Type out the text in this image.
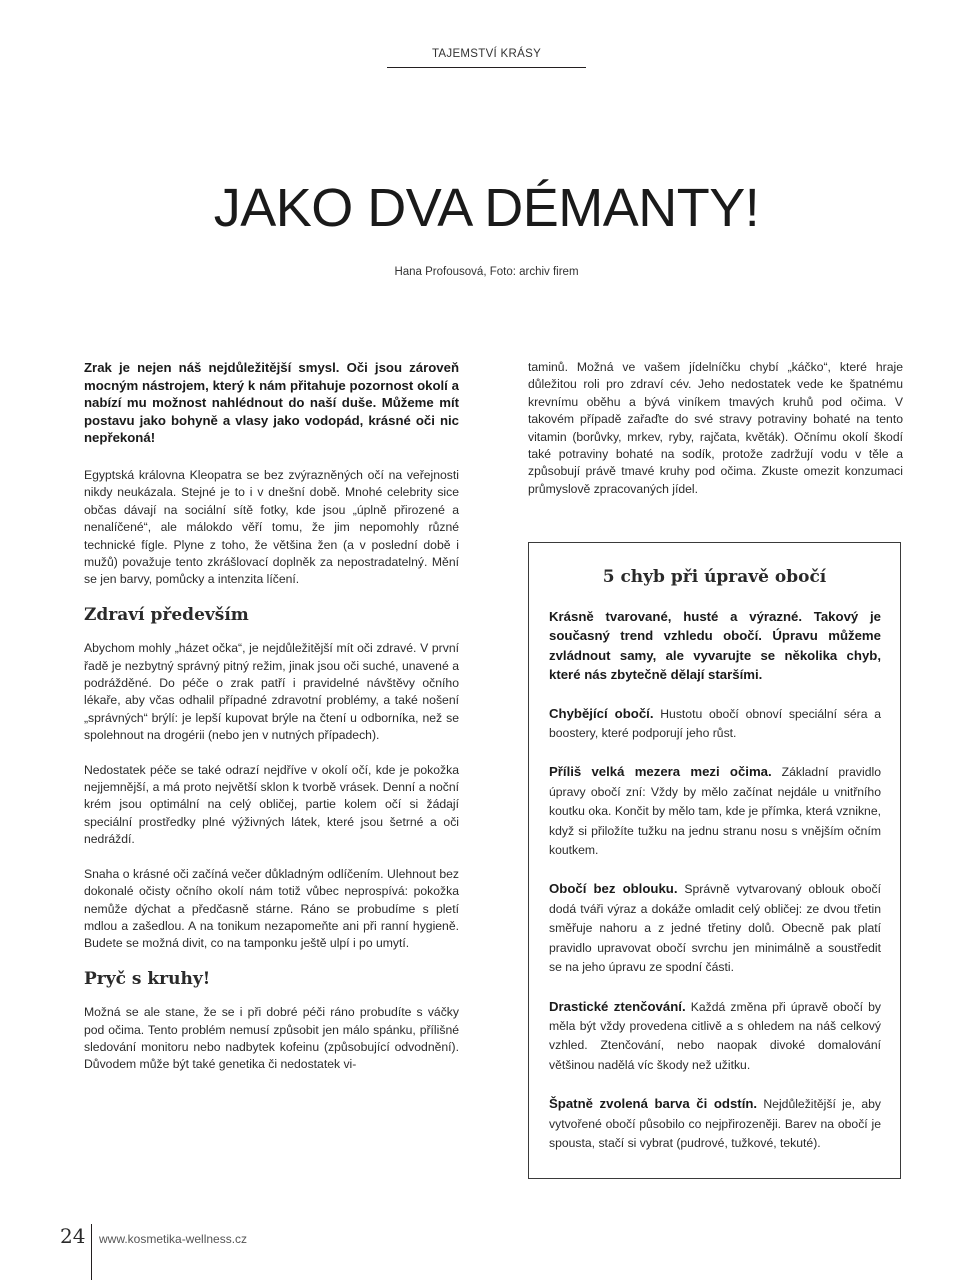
TAJEMSTVÍ KRÁSY
JAKO DVA DÉMANTY!
Hana Profousová, Foto: archiv firem

Zrak je nejen náš nejdůležitější smysl. Oči jsou zároveň mocným nástrojem, který k nám přitahuje pozornost okolí a nabízí mu možnost nahlédnout do naší duše. Můžeme mít postavu jako bohyně a vlasy jako vodopád, krásné oči nic nepřekoná!

Egyptská královna Kleopatra se bez zvýrazněných očí na veřejnosti nikdy neukázala. Stejné je to i v dnešní době. Mnohé celebrity sice občas dávají na sociální sítě fotky, kde jsou „úplně přirozené a nenalíčené“, ale málokdo věří tomu, že jim nepomohly různé technické fígle. Plyne z toho, že většina žen (a v poslední době i mužů) považuje tento zkrášlovací doplněk za nepostradatelný. Mění se jen barvy, pomůcky a intenzita líčení.

Zdraví především

Abychom mohly „házet očka“, je nejdůležitější mít oči zdravé. V první řadě je nezbytný správný pitný režim, jinak jsou oči suché, unavené a podrážděné. Do péče o zrak patří i pravidelné návštěvy očního lékaře, aby včas odhalil případné zdravotní problémy, a také nošení „správných“ brýlí: je lepší kupovat brýle na čtení u odborníka, než se spolehnout na drogérii (nebo jen v nutných případech).

Nedostatek péče se také odrazí nejdříve v okolí očí, kde je pokožka nejjemnější, a má proto největší sklon k tvorbě vrásek. Denní a noční krém jsou optimální na celý obličej, partie kolem očí si žádají speciální prostředky plné výživných látek, které jsou šetrné a oči nedráždí.

Snaha o krásné oči začíná večer důkladným odlíčením. Ulehnout bez dokonalé očisty očního okolí nám totiž vůbec neprospívá: pokožka nemůže dýchat a předčasně stárne. Ráno se probudíme s pletí mdlou a zašedlou. A na tonikum nezapomeňte ani při ranní hygieně. Budete se možná divit, co na tamponku ještě ulpí i po umytí.

Pryč s kruhy!

Možná se ale stane, že se i při dobré péči ráno probudíte s váčky pod očima. Tento problém nemusí způsobit jen málo spánku, přílišné sledování monitoru nebo nadbytek kofeinu (způsobující odvodnění). Důvodem může být také genetika či nedostatek vi-

taminů. Možná ve vašem jídelníčku chybí „káčko“, které hraje důležitou roli pro zdraví cév. Jeho nedostatek vede ke špatnému krevnímu oběhu a bývá viníkem tmavých kruhů pod očima. V takovém případě zařaďte do své stravy potraviny bohaté na tento vitamin (borůvky, mrkev, ryby, rajčata, květák). Očnímu okolí škodí také potraviny bohaté na sodík, protože zadržují vodu v těle a způsobují právě tmavé kruhy pod očima. Zkuste omezit konzumaci průmyslově zpracovaných jídel.

5 chyb při úpravě obočí

Krásně tvarované, husté a výrazné. Takový je současný trend vzhledu obočí. Úpravu můžeme zvládnout samy, ale vyvarujte se několika chyb, které nás zbytečně dělají staršími.

Chybějící obočí. Hustotu obočí obnoví speciální séra a boostery, které podporují jeho růst.

Příliš velká mezera mezi očima. Základní pravidlo úpravy obočí zní: Vždy by mělo začínat nejdále u vnitřního koutku oka. Končit by mělo tam, kde je přímka, která vznikne, když si přiložíte tužku na jednu stranu nosu s vnějším očním koutkem.

Obočí bez oblouku. Správně vytvarovaný oblouk obočí dodá tváři výraz a dokáže omladit celý obličej: ze dvou třetin směřuje nahoru a z jedné třetiny dolů. Obecně pak platí pravidlo upravovat obočí svrchu jen minimálně a soustředit se na jeho úpravu ze spodní části.

Drastické ztenčování. Každá změna při úpravě obočí by měla být vždy provedena citlivě a s ohledem na náš celkový vzhled. Ztenčování, nebo naopak divoké domalování většinou nadělá víc škody než užitku.

Špatně zvolená barva či odstín. Nejdůležitější je, aby vytvořené obočí působilo co nejpřirozeněji. Barev na obočí je spousta, stačí si vybrat (pudrové, tužkové, tekuté).

24 www.kosmetika-wellness.cz
